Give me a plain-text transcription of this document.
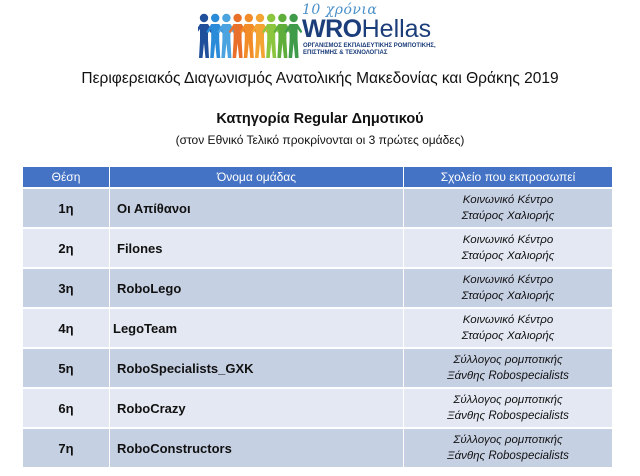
10 χρόνια
WROHellas
ΟΡΓΑΝΙΣΜΟΣ ΕΚΠΑΙΔΕΥΤΙΚΗΣ ΡΟΜΠΟΤΙΚΗΣ,
ΕΠΙΣΤΗΜΗΣ & ΤΕΧΝΟΛΟΓΙΑΣ
Περιφερειακός Διαγωνισμός Ανατολικής Μακεδονίας και Θράκης 2019
Κατηγορία Regular Δημοτικού
(στον Εθνικό Τελικό προκρίνονται οι 3 πρώτες ομάδες)
Θέση	Όνομα ομάδας	Σχολείο που εκπροσωπεί
1η	Οι Απίθανοι	Κοινωνικό Κέντρο
Σταύρος Χαλιορής

2η	Filones	Κοινωνικό Κέντρο
Σταύρος Χαλιορής

3η	RoboLego	Κοινωνικό Κέντρο
Σταύρος Χαλιορής

4η	LegoTeam	Κοινωνικό Κέντρο
Σταύρος Χαλιορής

5η	RoboSpecialists_GXK	Σύλλογος ρομποτικής
Ξάνθης Robospecialists

6η	RoboCrazy	Σύλλογος ρομποτικής
Ξάνθης Robospecialists

7η	RoboConstructors	Σύλλογος ρομποτικής
Ξάνθης Robospecialists
